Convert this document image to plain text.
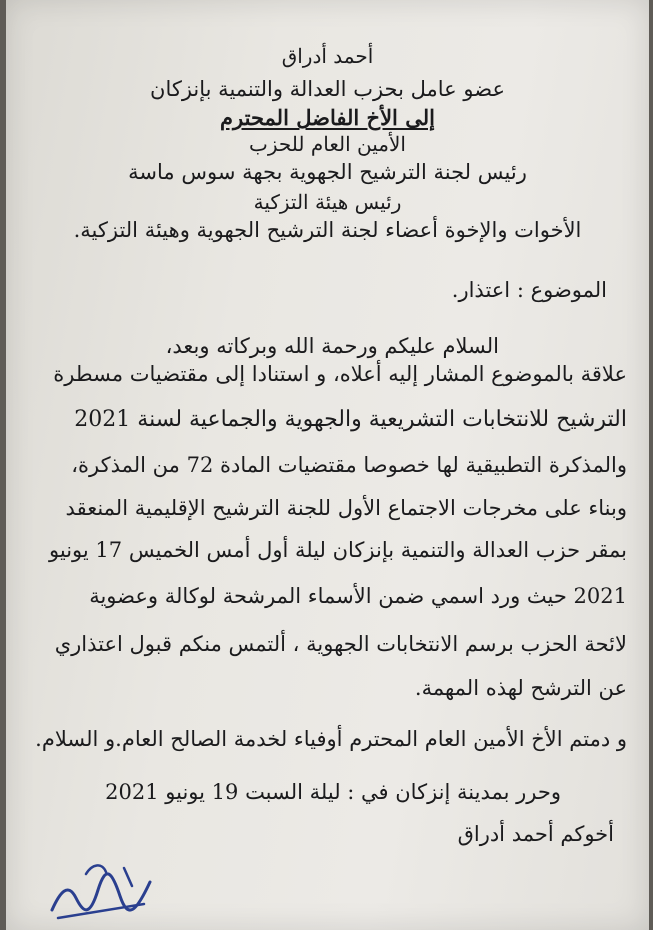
أحمد أدراق
عضو عامل بحزب العدالة والتنمية بإنزكان
إلى الأخ الفاضل المحترم
الأمين العام للحزب
رئيس لجنة الترشيح الجهوية بجهة سوس ماسة
رئيس هيئة التزكية
الأخوات والإخوة أعضاء لجنة الترشيح الجهوية وهيئة التزكية.
الموضوع : اعتذار.
السلام عليكم ورحمة الله وبركاته وبعد،
علاقة بالموضوع المشار إليه أعلاه، و استنادا إلى مقتضيات مسطرة
الترشيح للانتخابات التشريعية والجهوية والجماعية لسنة 2021
والمذكرة التطبيقية لها خصوصا مقتضيات المادة 72 من المذكرة،
وبناء على مخرجات الاجتماع الأول للجنة الترشيح الإقليمية المنعقد
بمقر حزب العدالة والتنمية بإنزكان ليلة أول أمس الخميس 17 يونيو
2021 حيث ورد اسمي ضمن الأسماء المرشحة لوكالة وعضوية
لائحة الحزب برسم الانتخابات الجهوية ، ألتمس منكم قبول اعتذاري
عن الترشح لهذه المهمة.
و دمتم الأخ الأمين العام المحترم أوفياء لخدمة الصالح العام.و السلام.
وحرر بمدينة إنزكان في : ليلة السبت 19 يونيو 2021
أخوكم أحمد أدراق
